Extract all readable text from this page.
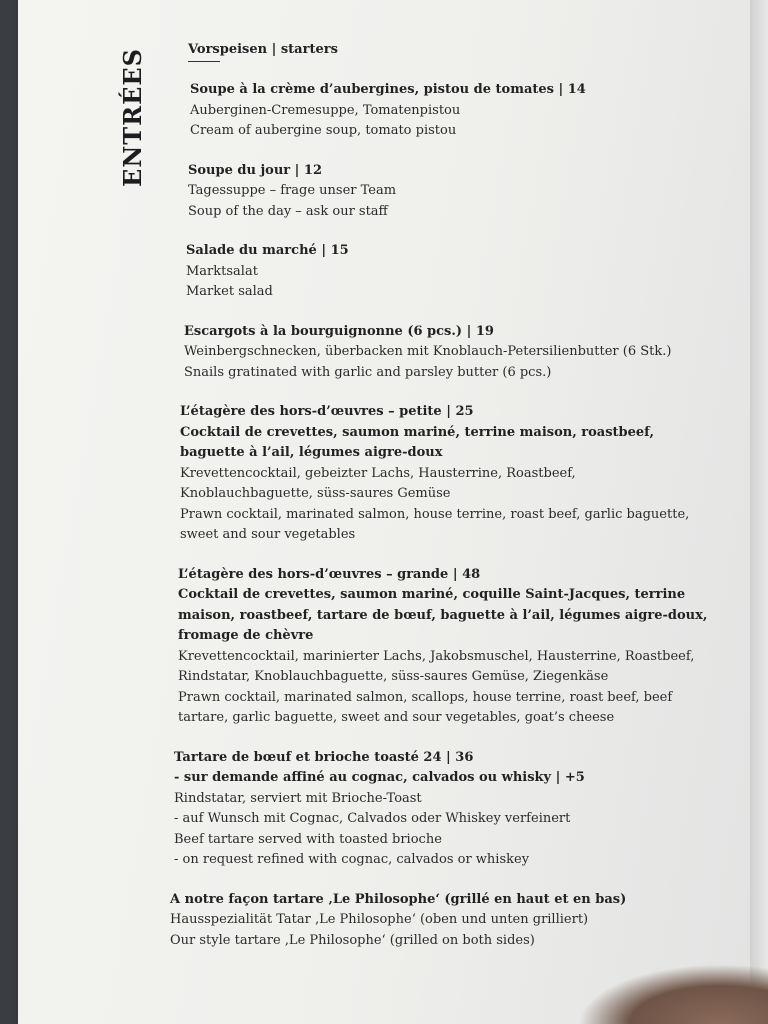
ENTRÉES	Vorspeisen | starters

Soupe à la crème d’aubergines, pistou de tomates | 14

Auberginen-Cremesuppe, Tomatenpistou

Cream of aubergine soup, tomato pistou

Soupe du jour | 12

Tagessuppe – frage unser Team

Soup of the day – ask our staff

Salade du marché | 15

Marktsalat

Market salad

Escargots à la bourguignonne (6 pcs.) | 19

Weinbergschnecken, überbacken mit Knoblauch-Petersilienbutter (6 Stk.)

Snails gratinated with garlic and parsley butter (6 pcs.)

L’étagère des hors-d’œuvres – petite | 25

Cocktail de crevettes, saumon mariné, terrine maison, roastbeef, baguette à l’ail, légumes aigre-doux

Krevettencocktail, gebeizter Lachs, Hausterrine, Roastbeef, Knoblauchbaguette, süss-saures Gemüse

Prawn cocktail, marinated salmon, house terrine, roast beef, garlic baguette, sweet and sour vegetables

L’étagère des hors-d’œuvres – grande | 48

Cocktail de crevettes, saumon mariné, coquille Saint-Jacques, terrine maison, roastbeef, tartare de bœuf, baguette à l’ail, légumes aigre-doux, fromage de chèvre

Krevettencocktail, marinierter Lachs, Jakobsmuschel, Hausterrine, Roastbeef, Rindstatar, Knoblauchbaguette, süss-saures Gemüse, Ziegenkäse

Prawn cocktail, marinated salmon, scallops, house terrine, roast beef, beef tartare, garlic baguette, sweet and sour vegetables, goat’s cheese

Tartare de bœuf et brioche toasté 24 | 36

- sur demande affiné au cognac, calvados ou whisky | +5

Rindstatar, serviert mit Brioche-Toast

- auf Wunsch mit Cognac, Calvados oder Whiskey verfeinert

Beef tartare served with toasted brioche

- on request refined with cognac, calvados or whiskey

A notre façon tartare ‚Le Philosophe‘ (grillé en haut et en bas)

Hausspezialität Tatar ‚Le Philosophe‘ (oben und unten grilliert)

Our style tartare ‚Le Philosophe‘ (grilled on both sides)
